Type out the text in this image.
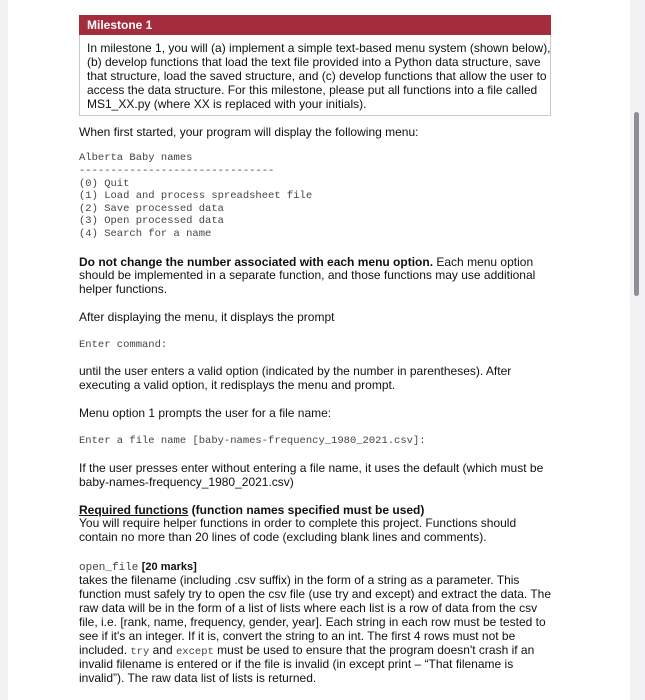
Milestone 1

In milestone 1, you will (a) implement a simple text-based menu system (shown below),

(b) develop functions that load the text file provided into a Python data structure, save

that structure, load the saved structure, and (c) develop functions that allow the user to

access the data structure. For this milestone, please put all functions into a file called

MS1_XX.py (where XX is replaced with your initials).

When first started, your program will display the following menu:

Alberta Baby names

-------------------------------

(0) Quit

(1) Load and process spreadsheet file

(2) Save processed data

(3) Open processed data

(4) Search for a name

Do not change the number associated with each menu option. Each menu option

should be implemented in a separate function, and those functions may use additional

helper functions.

After displaying the menu, it displays the prompt

Enter command:

until the user enters a valid option (indicated by the number in parentheses). After

executing a valid option, it redisplays the menu and prompt.

Menu option 1 prompts the user for a file name:

Enter a file name [baby-names-frequency_1980_2021.csv]:

If the user presses enter without entering a file name, it uses the default (which must be

baby-names-frequency_1980_2021.csv)

Required functions (function names specified must be used)

You will require helper functions in order to complete this project. Functions should

contain no more than 20 lines of code (excluding blank lines and comments).

open_file [20 marks]

takes the filename (including .csv suffix) in the form of a string as a parameter. This

function must safely try to open the csv file (use try and except) and extract the data. The

raw data will be in the form of a list of lists where each list is a row of data from the csv

file, i.e. [rank, name, frequency, gender, year]. Each string in each row must be tested to

see if it's an integer. If it is, convert the string to an int. The first 4 rows must not be

included. try and except must be used to ensure that the program doesn't crash if an

invalid filename is entered or if the file is invalid (in except print – “That filename is

invalid”). The raw data list of lists is returned.
